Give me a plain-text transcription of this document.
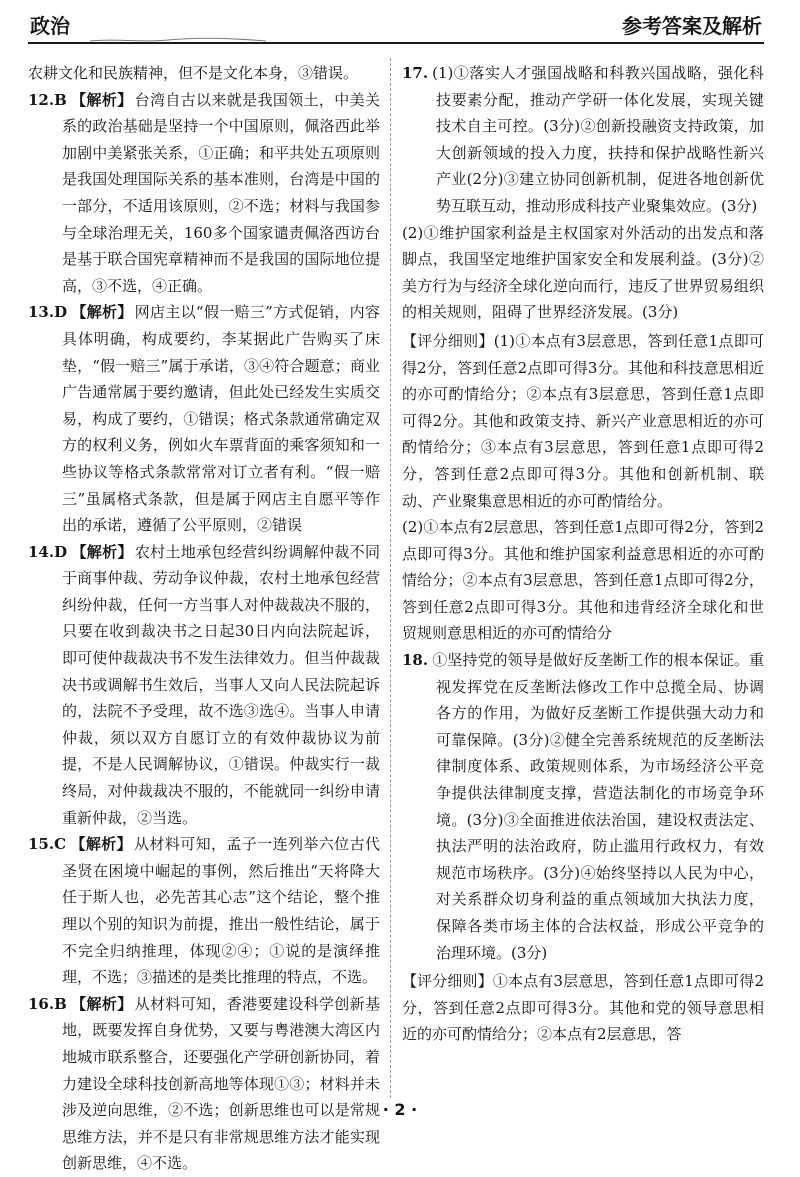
政治	参考答案及解析

农耕文化和民族精神，但不是文化本身，③错误。

12.B 【解析】 台湾自古以来就是我国领土，中美关系的政治基础是坚持一个中国原则，佩洛西此举加剧中美紧张关系，①正确；和平共处五项原则是我国处理国际关系的基本准则，台湾是中国的一部分，不适用该原则，②不选；材料与我国参与全球治理无关，160多个国家谴责佩洛西访台是基于联合国宪章精神而不是我国的国际地位提高，③不选，④正确。
13.D 【解析】 网店主以“假一赔三”方式促销，内容具体明确，构成要约，李某据此广告购买了床垫，“假一赔三”属于承诺，③④符合题意；商业广告通常属于要约邀请，但此处已经发生实质交易，构成了要约，①错误；格式条款通常确定双方的权利义务，例如火车票背面的乘客须知和一些协议等格式条款常常对订立者有利。“假一赔三”虽属格式条款，但是属于网店主自愿平等作出的承诺，遵循了公平原则，②错误
14.D 【解析】 农村土地承包经营纠纷调解仲裁不同于商事仲裁、劳动争议仲裁，农村土地承包经营纠纷仲裁，任何一方当事人对仲裁裁决不服的，只要在收到裁决书之日起30日内向法院起诉，即可使仲裁裁决书不发生法律效力。但当仲裁裁决书或调解书生效后，当事人又向人民法院起诉的，法院不予受理，故不选③选④。当事人申请仲裁，须以双方自愿订立的有效仲裁协议为前提，不是人民调解协议，①错误。仲裁实行一裁终局，对仲裁裁决不服的，不能就同一纠纷申请重新仲裁，②当选。
15.C 【解析】 从材料可知，孟子一连列举六位古代圣贤在困境中崛起的事例，然后推出“天将降大任于斯人也，必先苦其心志”这个结论，整个推理以个别的知识为前提，推出一般性结论，属于不完全归纳推理，体现②④；①说的是演绎推理，不选；③描述的是类比推理的特点，不选。
16.B 【解析】 从材料可知，香港要建设科学创新基地，既要发挥自身优势，又要与粤港澳大湾区内地城市联系整合，还要强化产学研创新协同，着力建设全球科技创新高地等体现①③；材料并未涉及逆向思维，②不选；创新思维也可以是常规思维方法，并不是只有非常规思维方法才能实现创新思维，④不选。
17. (1)①落实人才强国战略和科教兴国战略，强化科技要素分配，推动产学研一体化发展，实现关键技术自主可控。(3分)②创新投融资支持政策，加大创新领域的投入力度，扶持和保护战略性新兴产业(2分)③建立协同创新机制，促进各地创新优势互联互动，推动形成科技产业聚集效应。(3分)

(2)①维护国家利益是主权国家对外活动的出发点和落脚点，我国坚定地维护国家安全和发展利益。(3分)②美方行为与经济全球化逆向而行，违反了世界贸易组织的相关规则，阻碍了世界经济发展。(3分)

【评分细则】(1)①本点有3层意思，答到任意1点即可得2分，答到任意2点即可得3分。其他和科技意思相近的亦可酌情给分；②本点有3层意思，答到任意1点即可得2分。其他和政策支持、新兴产业意思相近的亦可酌情给分；③本点有3层意思，答到任意1点即可得2分，答到任意2点即可得3分。其他和创新机制、联动、产业聚集意思相近的亦可酌情给分。

(2)①本点有2层意思，答到任意1点即可得2分，答到2点即可得3分。其他和维护国家利益意思相近的亦可酌情给分；②本点有3层意思，答到任意1点即可得2分，答到任意2点即可得3分。其他和违背经济全球化和世贸规则意思相近的亦可酌情给分

18. ①坚持党的领导是做好反垄断工作的根本保证。重视发挥党在反垄断法修改工作中总揽全局、协调各方的作用，为做好反垄断工作提供强大动力和可靠保障。(3分)②健全完善系统规范的反垄断法律制度体系、政策规则体系，为市场经济公平竞争提供法律制度支撑，营造法制化的市场竞争环境。(3分)③全面推进依法治国，建设权责法定、执法严明的法治政府，防止滥用行政权力，有效规范市场秩序。(3分)④始终坚持以人民为中心，对关系群众切身利益的重点领域加大执法力度，保障各类市场主体的合法权益，形成公平竞争的治理环境。(3分)

【评分细则】①本点有3层意思，答到任意1点即可得2分，答到任意2点即可得3分。其他和党的领导意思相近的亦可酌情给分；②本点有2层意思，答

· 2 ·
